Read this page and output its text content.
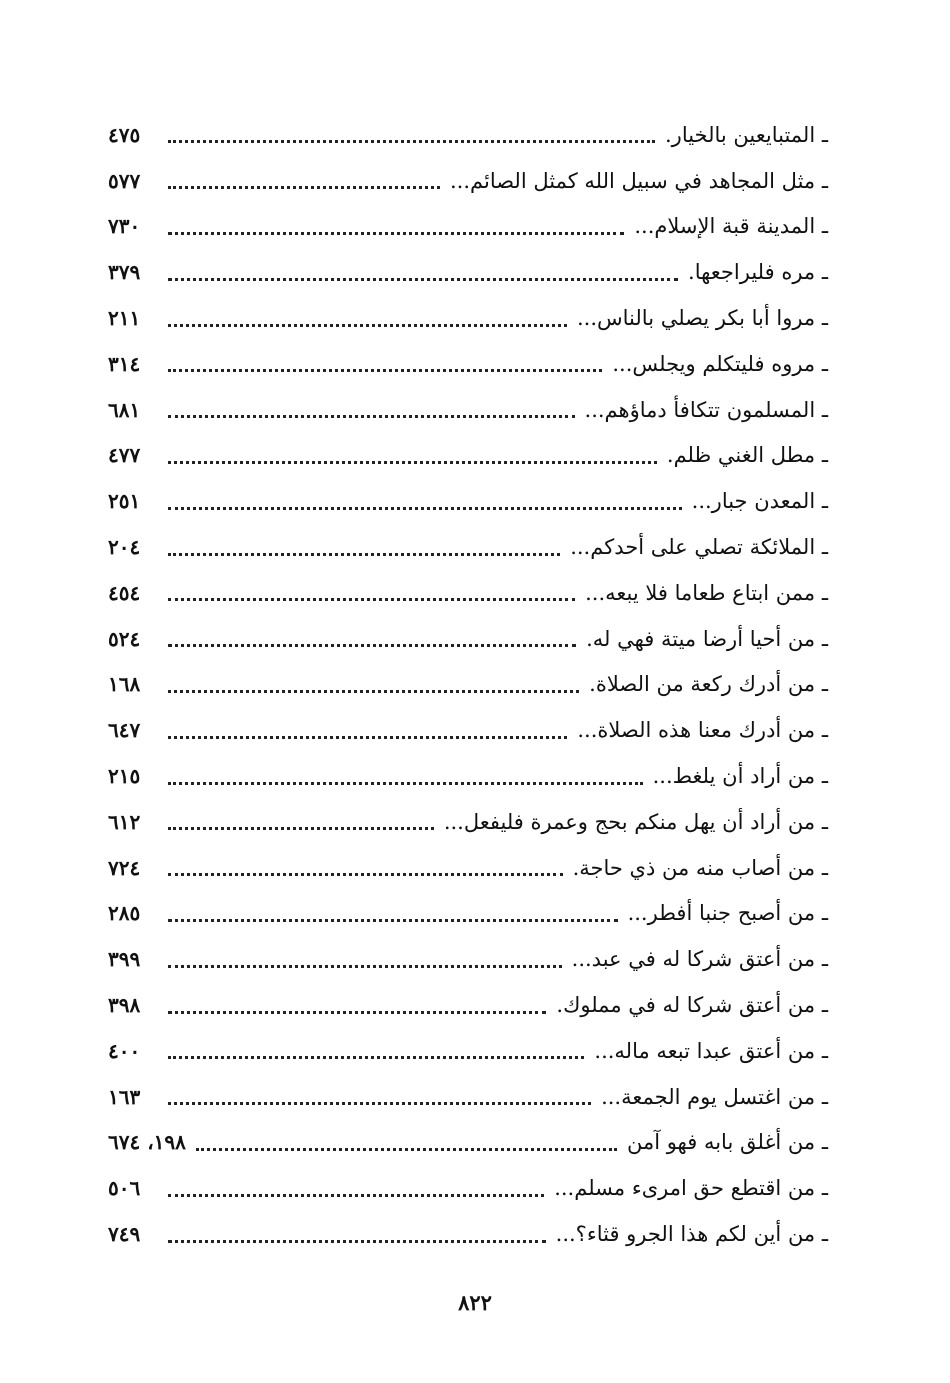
ـ المتبايعين بالخيار.
٤٧٥
ـ مثل المجاهد في سبيل الله كمثل الصائم...
٥٧٧
ـ المدينة قبة الإسلام...
٧٣٠
ـ مره فليراجعها.
٣٧٩
ـ مروا أبا بكر يصلي بالناس...
٢١١
ـ مروه فليتكلم ويجلس...
٣١٤
ـ المسلمون تتكافأ دماؤهم...
٦٨١
ـ مطل الغني ظلم.
٤٧٧
ـ المعدن جبار...
٢٥١
ـ الملائكة تصلي على أحدكم...
٢٠٤
ـ ممن ابتاع طعاما فلا يبعه...
٤٥٤
ـ من أحيا أرضا ميتة فهي له.
٥٢٤
ـ من أدرك ركعة من الصلاة.
١٦٨
ـ من أدرك معنا هذه الصلاة...
٦٤٧
ـ من أراد أن يلغط...
٢١٥
ـ من أراد أن يهل منكم بحج وعمرة فليفعل...
٦١٢
ـ من أصاب منه من ذي حاجة.
٧٢٤
ـ من أصبح جنبا أفطر...
٢٨٥
ـ من أعتق شركا له في عبد...
٣٩٩
ـ من أعتق شركا له في مملوك.
٣٩٨
ـ من أعتق عبدا تبعه ماله...
٤٠٠
ـ من اغتسل يوم الجمعة...
١٦٣
ـ من أغلق بابه فهو آمن
١٩٨، ٦٧٤
ـ من اقتطع حق امرىء مسلم...
٥٠٦
ـ من أين لكم هذا الجرو قثاء؟...
٧٤٩
٨٢٢
